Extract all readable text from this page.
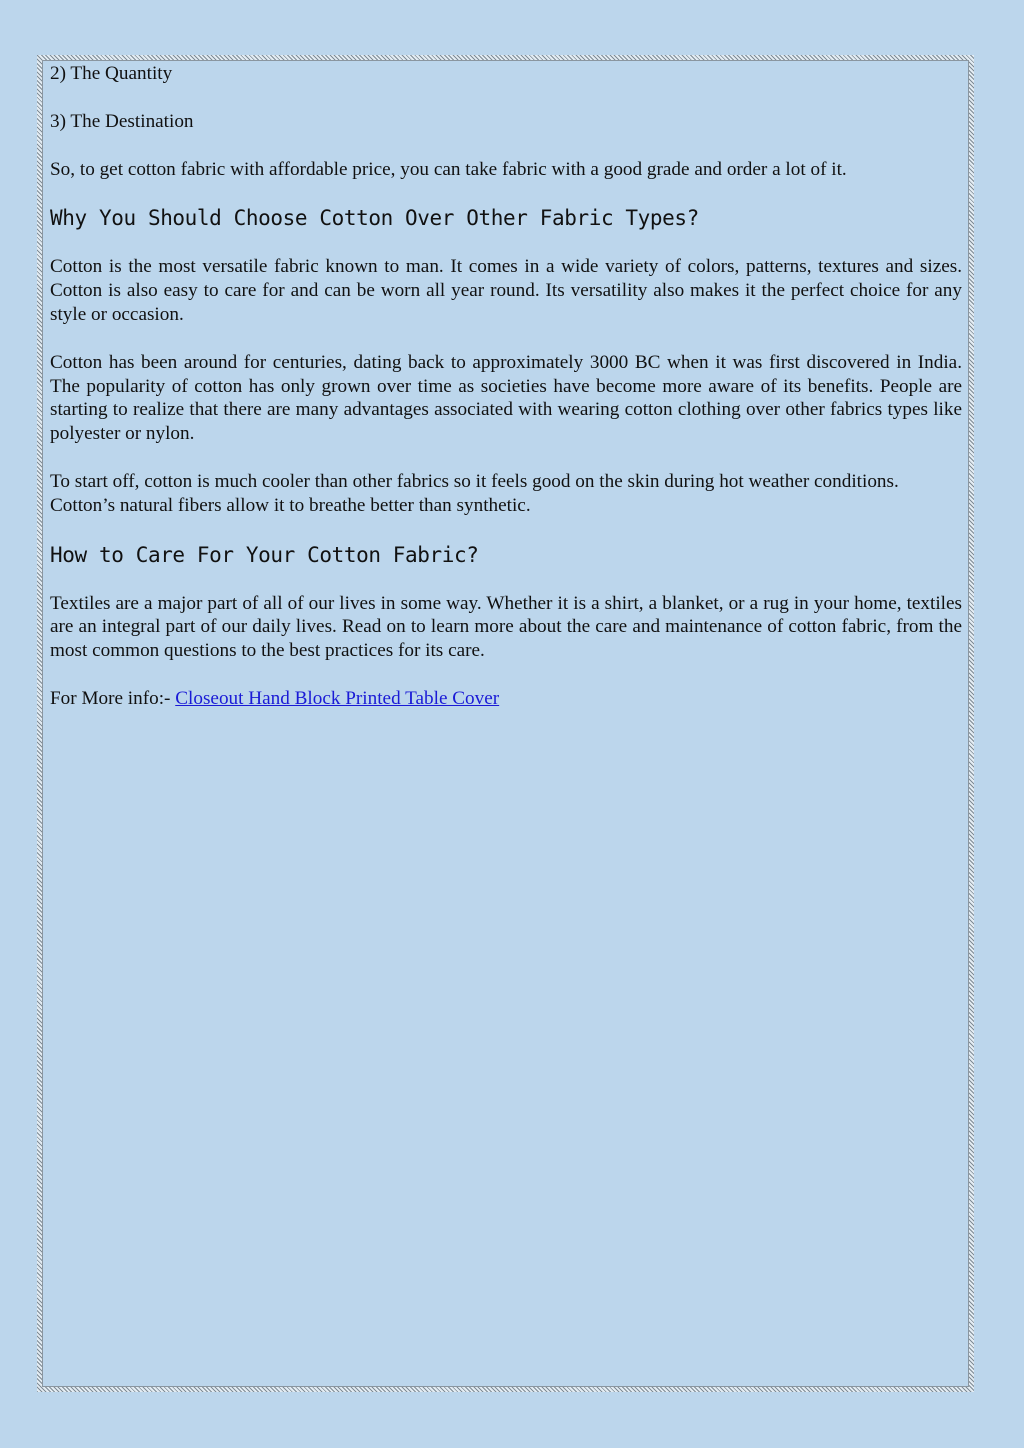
2) The Quantity

3) The Destination

So, to get cotton fabric with affordable price, you can take fabric with a good grade and order a lot of it.

Why You Should Choose Cotton Over Other Fabric Types?

Cotton is the most versatile fabric known to man. It comes in a wide variety of colors, patterns, textures and sizes. Cotton is also easy to care for and can be worn all year round. Its versatility also makes it the perfect choice for any style or occasion.

Cotton has been around for centuries, dating back to approximately 3000 BC when it was first discovered in India. The popularity of cotton has only grown over time as societies have become more aware of its benefits. People are starting to realize that there are many advantages associated with wearing cotton clothing over other fabrics types like polyester or nylon.

To start off, cotton is much cooler than other fabrics so it feels good on the skin during hot weather conditions. Cotton’s natural fibers allow it to breathe better than synthetic.

How to Care For Your Cotton Fabric?

Textiles are a major part of all of our lives in some way. Whether it is a shirt, a blanket, or a rug in your home, textiles are an integral part of our daily lives. Read on to learn more about the care and maintenance of cotton fabric, from the most common questions to the best practices for its care.

For More info:- Closeout Hand Block Printed Table Cover
